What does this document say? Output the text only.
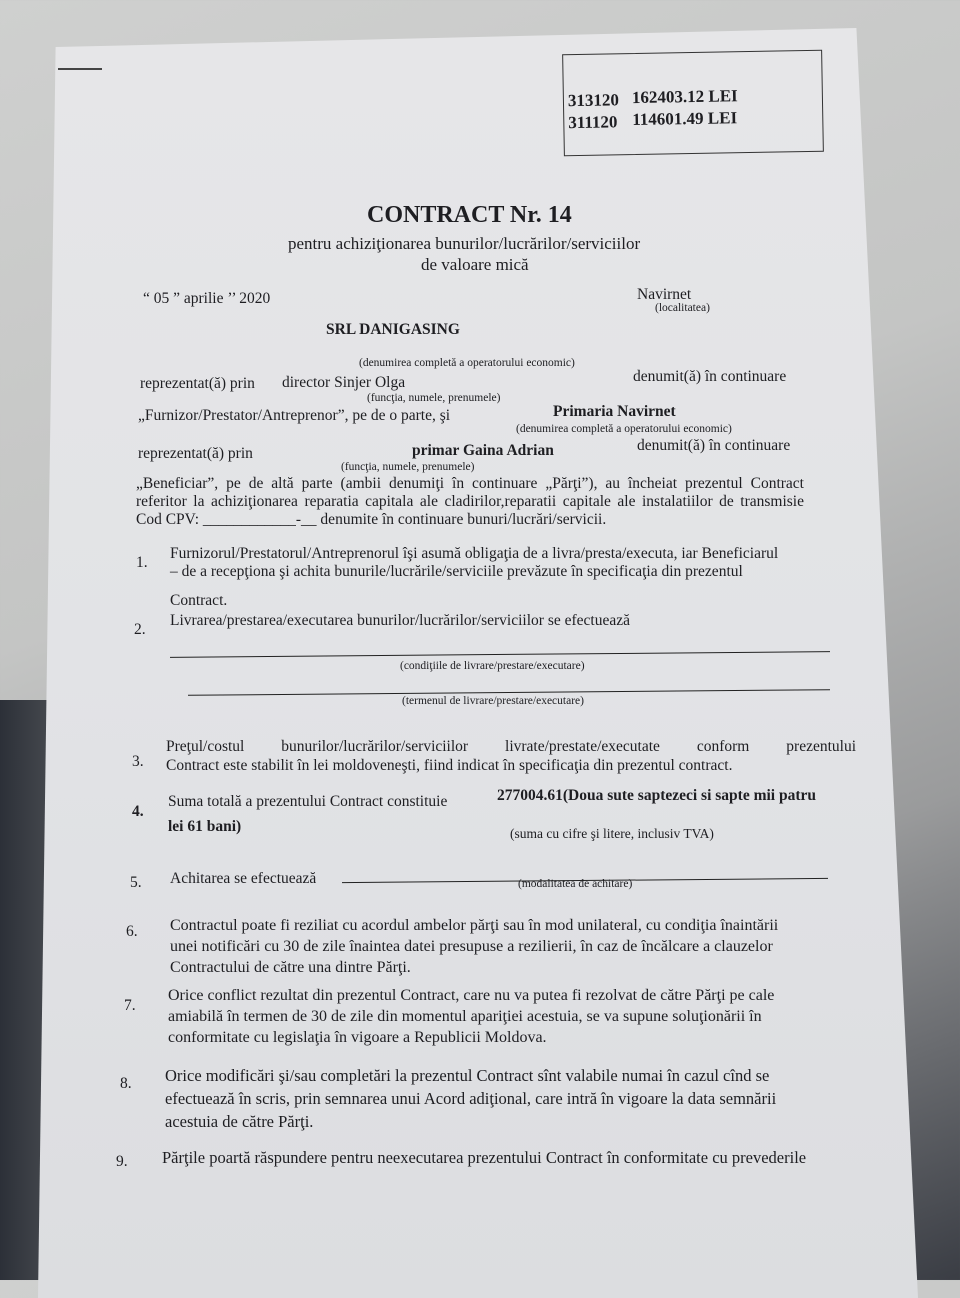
313120 162403.12 LEI
311120 114601.49 LEI
CONTRACT Nr. 14
pentru achiziţionarea bunurilor/lucrărilor/serviciilor
de valoare mică
“ 05 ” aprilie ’’ 2020	Navirnet
(localitatea)
SRL DANIGASING
(denumirea completă a operatorului economic)
reprezentat(ă) prin director Sinjer Olga	denumit(ă) în continuare
(funcţia, numele, prenumele)
„Furnizor/Prestator/Antreprenor”, pe de o parte, şi	Primaria Navirnet
(denumirea completă a operatorului economic)
reprezentat(ă) prin	primar Gaina Adrian	denumit(ă) în continuare
(funcţia, numele, prenumele)
„Beneficiar”, pe de altă parte (ambii denumiţi în continuare „Părţi”), au încheiat prezentul Contract
referitor la achiziţionarea reparatia capitala ale cladirilor,reparatii capitale ale instalatiilor de transmisie
Cod CPV: ____________-__ denumite în continuare bunuri/lucrări/servicii.
1.
Furnizorul/Prestatorul/Antreprenorul îşi asumă obligaţia de a livra/presta/executa, iar Beneficiarul
– de a recepţiona şi achita bunurile/lucrările/serviciile prevăzute în specificaţia din prezentul
Contract.
2.
Livrarea/prestarea/executarea bunurilor/lucrărilor/serviciilor se efectuează
(condiţiile de livrare/prestare/executare)
(termenul de livrare/prestare/executare)
3.
Preţul/costul bunurilor/lucrărilor/serviciilor livrate/prestate/executate conform prezentului
Contract este stabilit în lei moldoveneşti, fiind indicat în specificaţia din prezentul contract.
4.
Suma totală a prezentului Contract constituie	277004.61(Doua sute saptezeci si sapte mii patru
lei 61 bani)	(suma cu cifre şi litere, inclusiv TVA)
5. Achitarea se efectuează	(modalitatea de achitare)
6. Contractul poate fi reziliat cu acordul ambelor părţi sau în mod unilateral, cu condiţia înaintării
unei notificări cu 30 de zile înaintea datei presupuse a rezilierii, în caz de încălcare a clauzelor
Contractului de către una dintre Părţi.
7.
Orice conflict rezultat din prezentul Contract, care nu va putea fi rezolvat de către Părţi pe cale
amiabilă în termen de 30 de zile din momentul apariţiei acestuia, se va supune soluţionării în
conformitate cu legislaţia în vigoare a Republicii Moldova.
8. Orice modificări şi/sau completări la prezentul Contract sînt valabile numai în cazul cînd se
efectuează în scris, prin semnarea unui Acord adiţional, care intră în vigoare la data semnării
acestuia de către Părţi.
9. Părţile poartă răspundere pentru neexecutarea prezentului Contract în conformitate cu prevederile
